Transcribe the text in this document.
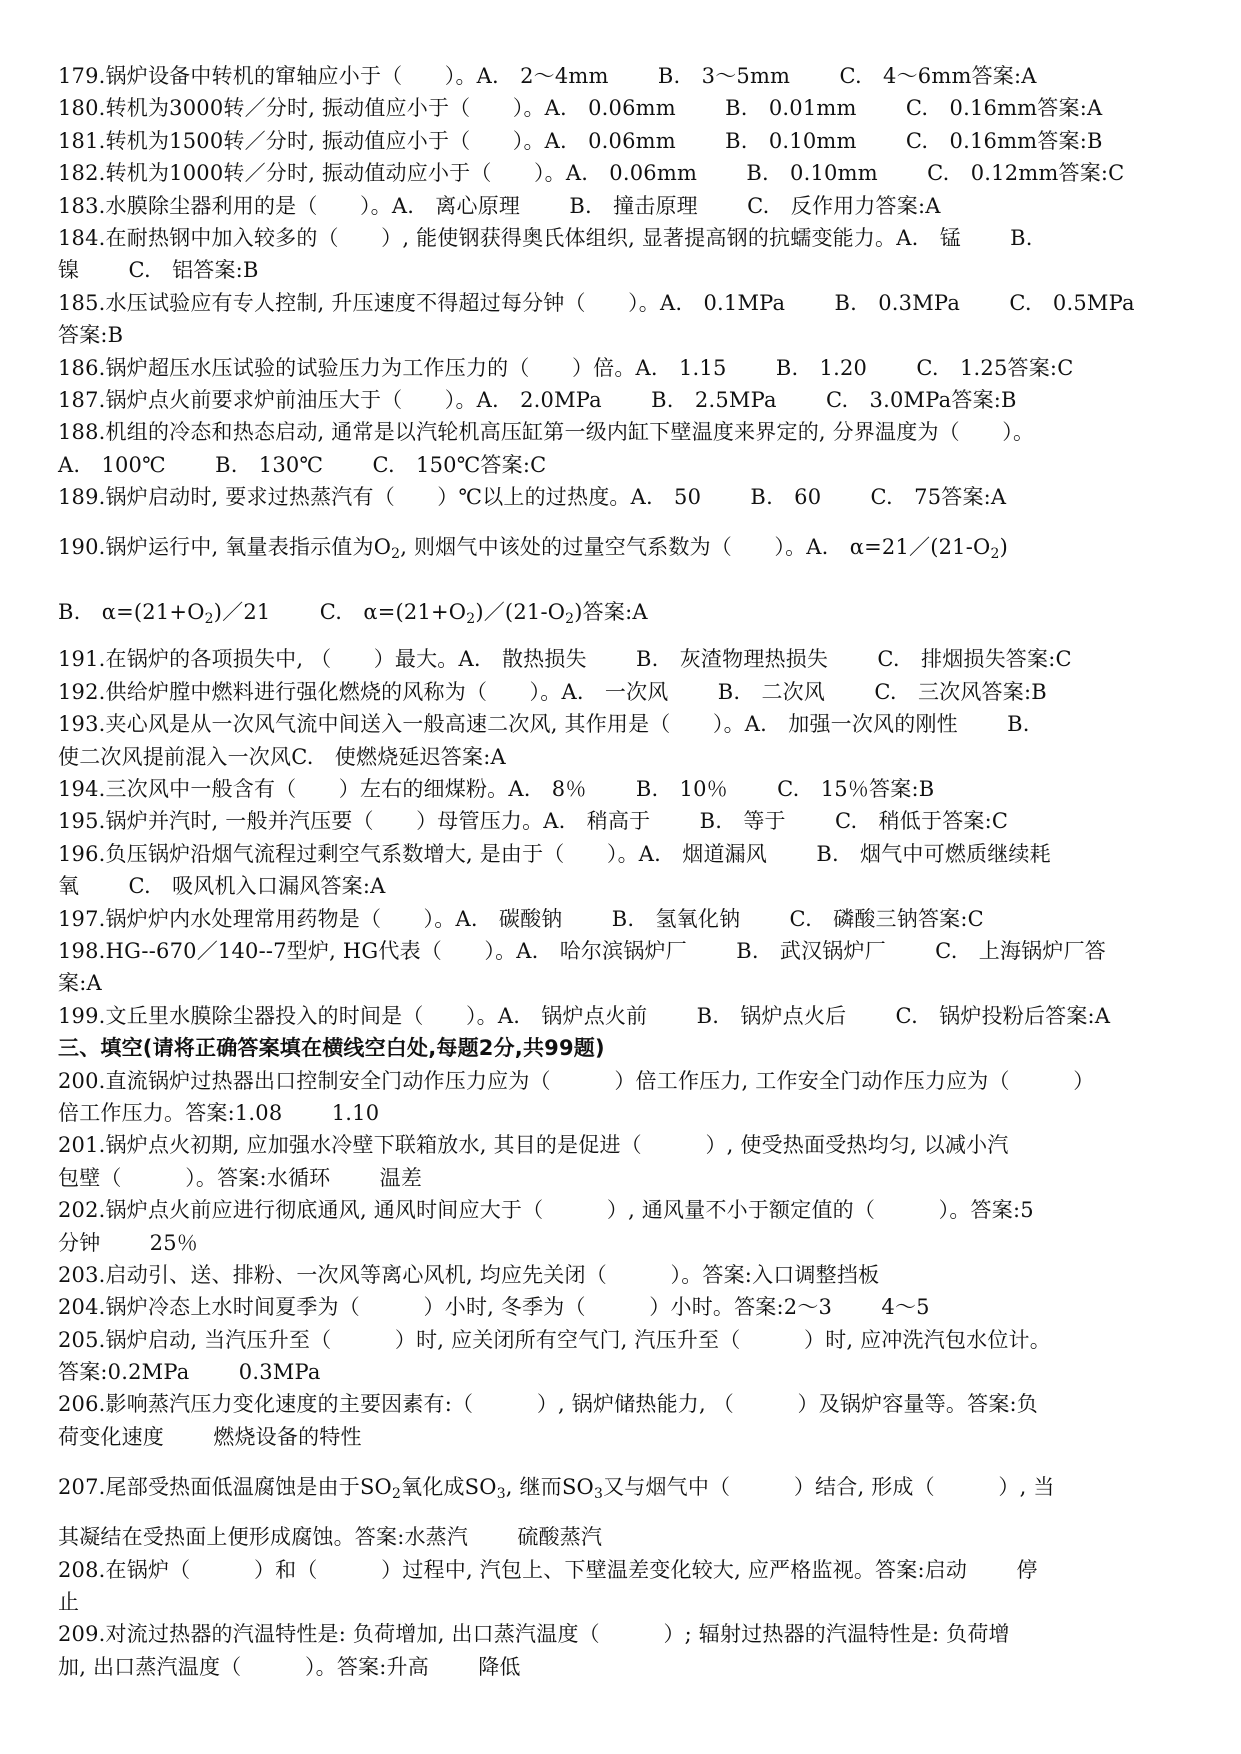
179.锅炉设备中转机的窜轴应小于（　　）。A.　2～4mm　　 B.　3～5mm　　 C.　4～6mm答案:A
180.转机为3000转／分时, 振动值应小于（　　）。A.　0.06mm　　 B.　0.01mm　　 C.　0.16mm答案:A
181.转机为1500转／分时, 振动值应小于（　　）。A.　0.06mm　　 B.　0.10mm　　 C.　0.16mm答案:B
182.转机为1000转／分时, 振动值动应小于（　　）。A.　0.06mm　　 B.　0.10mm　　 C.　0.12mm答案:C
183.水膜除尘器利用的是（　　）。A.　离心原理　　 B.　撞击原理　　 C.　反作用力答案:A
184.在耐热钢中加入较多的（　　）, 能使钢获得奥氏体组织, 显著提高钢的抗蠕变能力。A.　锰　　 B.
镍　　 C.　铝答案:B
185.水压试验应有专人控制, 升压速度不得超过每分钟（　　）。A.　0.1MPa　　 B.　0.3MPa　　 C.　0.5MPa
答案:B
186.锅炉超压水压试验的试验压力为工作压力的（　　）倍。A.　1.15　　 B.　1.20　　 C.　1.25答案:C
187.锅炉点火前要求炉前油压大于（　　）。A.　2.0MPa　　 B.　2.5MPa　　 C.　3.0MPa答案:B
188.机组的冷态和热态启动, 通常是以汽轮机高压缸第一级内缸下壁温度来界定的, 分界温度为（　　）。
A.　100℃　　 B.　130℃　　 C.　150℃答案:C
189.锅炉启动时, 要求过热蒸汽有（　　）℃以上的过热度。A.　50　　 B.　60　　 C.　75答案:A
190.锅炉运行中, 氧量表指示值为$O_2$, 则烟气中该处的过量空气系数为（　　）。A.　$\alpha=21/(21-O_2)$
B.　$\alpha=(21+O_2)/21$　　 C.　$\alpha=(21+O_2)/(21-O_2)$答案:A
191.在锅炉的各项损失中, （　　）最大。A.　散热损失　　 B.　灰渣物理热损失　　 C.　排烟损失答案:C
192.供给炉膛中燃料进行强化燃烧的风称为（　　）。A.　一次风　　 B.　二次风　　 C.　三次风答案:B
193.夹心风是从一次风气流中间送入一般高速二次风, 其作用是（　　）。A.　加强一次风的刚性　　 B.
使二次风提前混入一次风C.　使燃烧延迟答案:A
194.三次风中一般含有（　　）左右的细煤粉。A.　8％　　 B.　10％　　 C.　15％答案:B
195.锅炉并汽时, 一般并汽压要（　　）母管压力。A.　稍高于　　 B.　等于　　 C.　稍低于答案:C
196.负压锅炉沿烟气流程过剩空气系数增大, 是由于（　　）。A.　烟道漏风　　 B.　烟气中可燃质继续耗
氧　　 C.　吸风机入口漏风答案:A
197.锅炉炉内水处理常用药物是（　　）。A.　碳酸钠　　 B.　氢氧化钠　　 C.　磷酸三钠答案:C
198.HG--670／140--7型炉, HG代表（　　）。A.　哈尔滨锅炉厂　　 B.　武汉锅炉厂　　 C.　上海锅炉厂答
案:A
199.文丘里水膜除尘器投入的时间是（　　）。A.　锅炉点火前　　 B.　锅炉点火后　　 C.　锅炉投粉后答案:A
三、填空(请将正确答案填在横线空白处,每题2分,共99题)
200.直流锅炉过热器出口控制安全门动作压力应为（　　　）倍工作压力, 工作安全门动作压力应为（　　　）
倍工作压力。答案:1.08　　 1.10
201.锅炉点火初期, 应加强水冷壁下联箱放水, 其目的是促进（　　　）, 使受热面受热均匀, 以减小汽
包壁（　　　）。答案:水循环　　 温差
202.锅炉点火前应进行彻底通风, 通风时间应大于（　　　）, 通风量不小于额定值的（　　　）。答案:5
分钟　　 25％
203.启动引、送、排粉、一次风等离心风机, 均应先关闭（　　　）。答案:入口调整挡板
204.锅炉冷态上水时间夏季为（　　　）小时, 冬季为（　　　）小时。答案:2～3　　 4～5
205.锅炉启动, 当汽压升至（　　　）时, 应关闭所有空气门, 汽压升至（　　　）时, 应冲洗汽包水位计。
答案:0.2MPa　　 0.3MPa
206.影响蒸汽压力变化速度的主要因素有:（　　　）, 锅炉储热能力, （　　　）及锅炉容量等。答案:负
荷变化速度　　 燃烧设备的特性
207.尾部受热面低温腐蚀是由于$SO_2$氧化成$SO_3$, 继而$SO_3$又与烟气中（　　　）结合, 形成（　　　）, 当
其凝结在受热面上便形成腐蚀。答案:水蒸汽　　 硫酸蒸汽
208.在锅炉（　　　）和（　　　）过程中, 汽包上、下壁温差变化较大, 应严格监视。答案:启动　　 停
止
209.对流过热器的汽温特性是: 负荷增加, 出口蒸汽温度（　　　）; 辐射过热器的汽温特性是: 负荷增
加, 出口蒸汽温度（　　　）。答案:升高　　 降低
